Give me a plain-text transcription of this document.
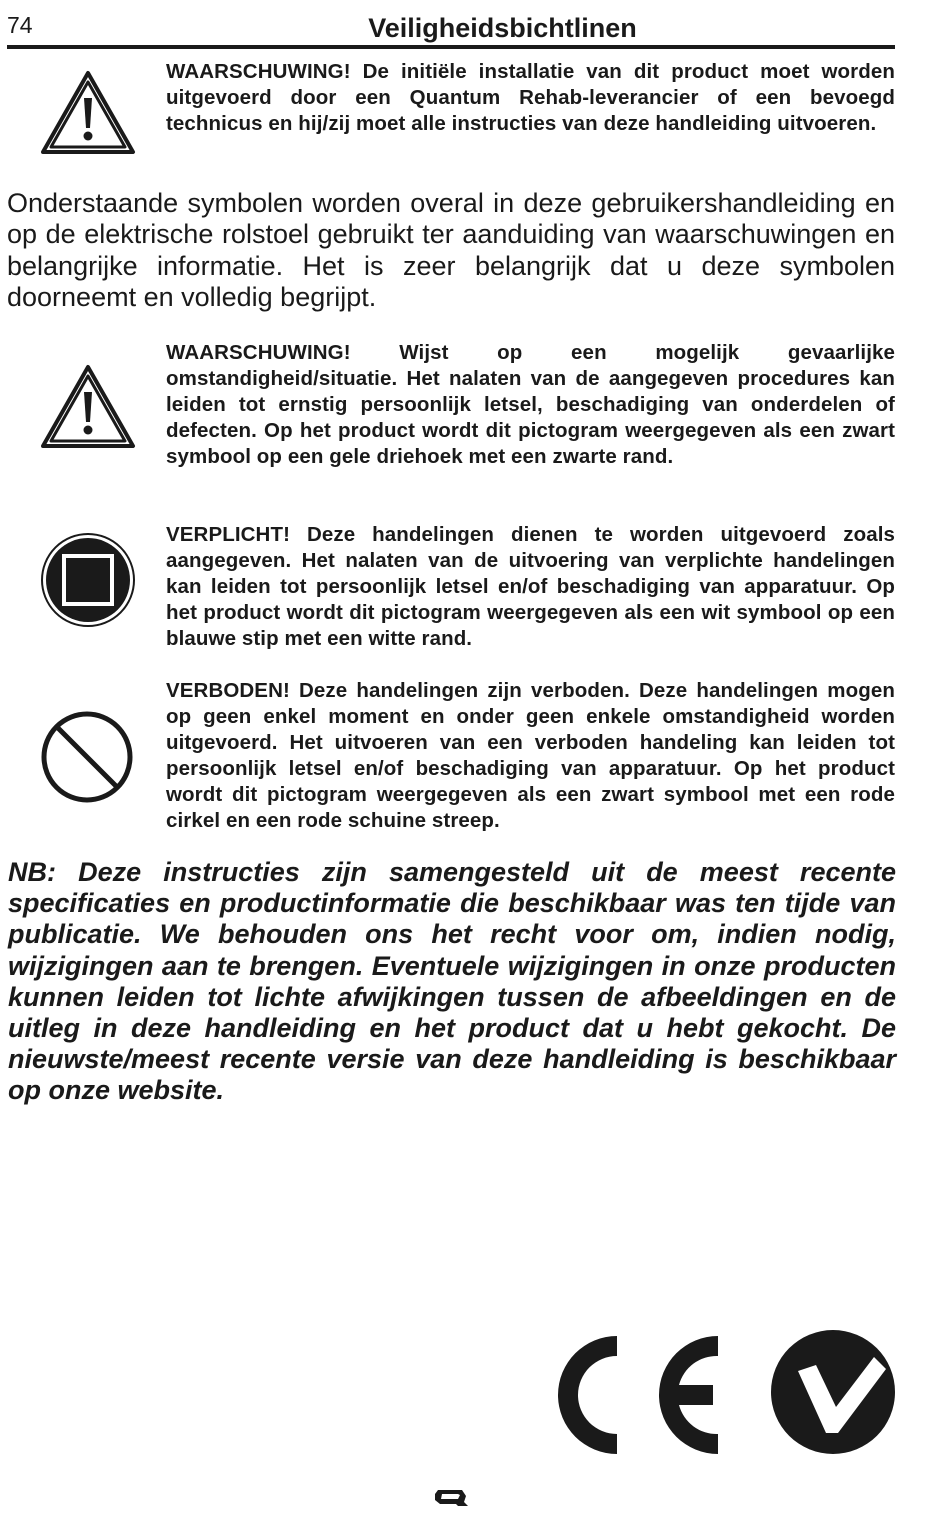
74	Veiligheidsbichtlinen
WAARSCHUWING! De initiële installatie van dit product moet worden uitgevoerd door een Quantum Rehab-leverancier of een bevoegd technicus en hij/zij moet alle instructies van deze handleiding uitvoeren.
Onderstaande symbolen worden overal in deze gebruikershandleiding en op de elektrische rolstoel gebruikt ter aanduiding van waarschuwingen en belangrijke informatie. Het is zeer belangrijk dat u deze symbolen doorneemt en volledig begrijpt.
WAARSCHUWING! Wijst op een mogelijk gevaarlijke omstandigheid/situatie. Het nalaten van de aangegeven procedures kan leiden tot ernstig persoonlijk letsel, beschadiging van onderdelen of defecten. Op het product wordt dit pictogram weergegeven als een zwart symbool op een gele driehoek met een zwarte rand.
VERPLICHT! Deze handelingen dienen te worden uitgevoerd zoals aangegeven. Het nalaten van de uitvoering van verplichte handelingen kan leiden tot persoonlijk letsel en/of beschadiging van apparatuur. Op het product wordt dit pictogram weergegeven als een wit symbool op een blauwe stip met een witte rand.
VERBODEN! Deze handelingen zijn verboden. Deze handelingen mogen op geen enkel moment en onder geen enkele omstandigheid worden uitgevoerd. Het uitvoeren van een verboden handeling kan leiden tot persoonlijk letsel en/of beschadiging van apparatuur. Op het product wordt dit pictogram weergegeven als een zwart symbool met een rode cirkel en een rode schuine streep.
NB: Deze instructies zijn samengesteld uit de meest recente specificaties en productinformatie die beschikbaar was ten tijde van publicatie. We behouden ons het recht voor om, indien nodig, wijzigingen aan te brengen. Eventuele wijzigingen in onze producten kunnen leiden tot lichte afwijkingen tussen de afbeeldingen en de uitleg in deze handleiding en het product dat u hebt gekocht. De nieuwste/meest recente versie van deze handleiding is beschikbaar op onze website.
